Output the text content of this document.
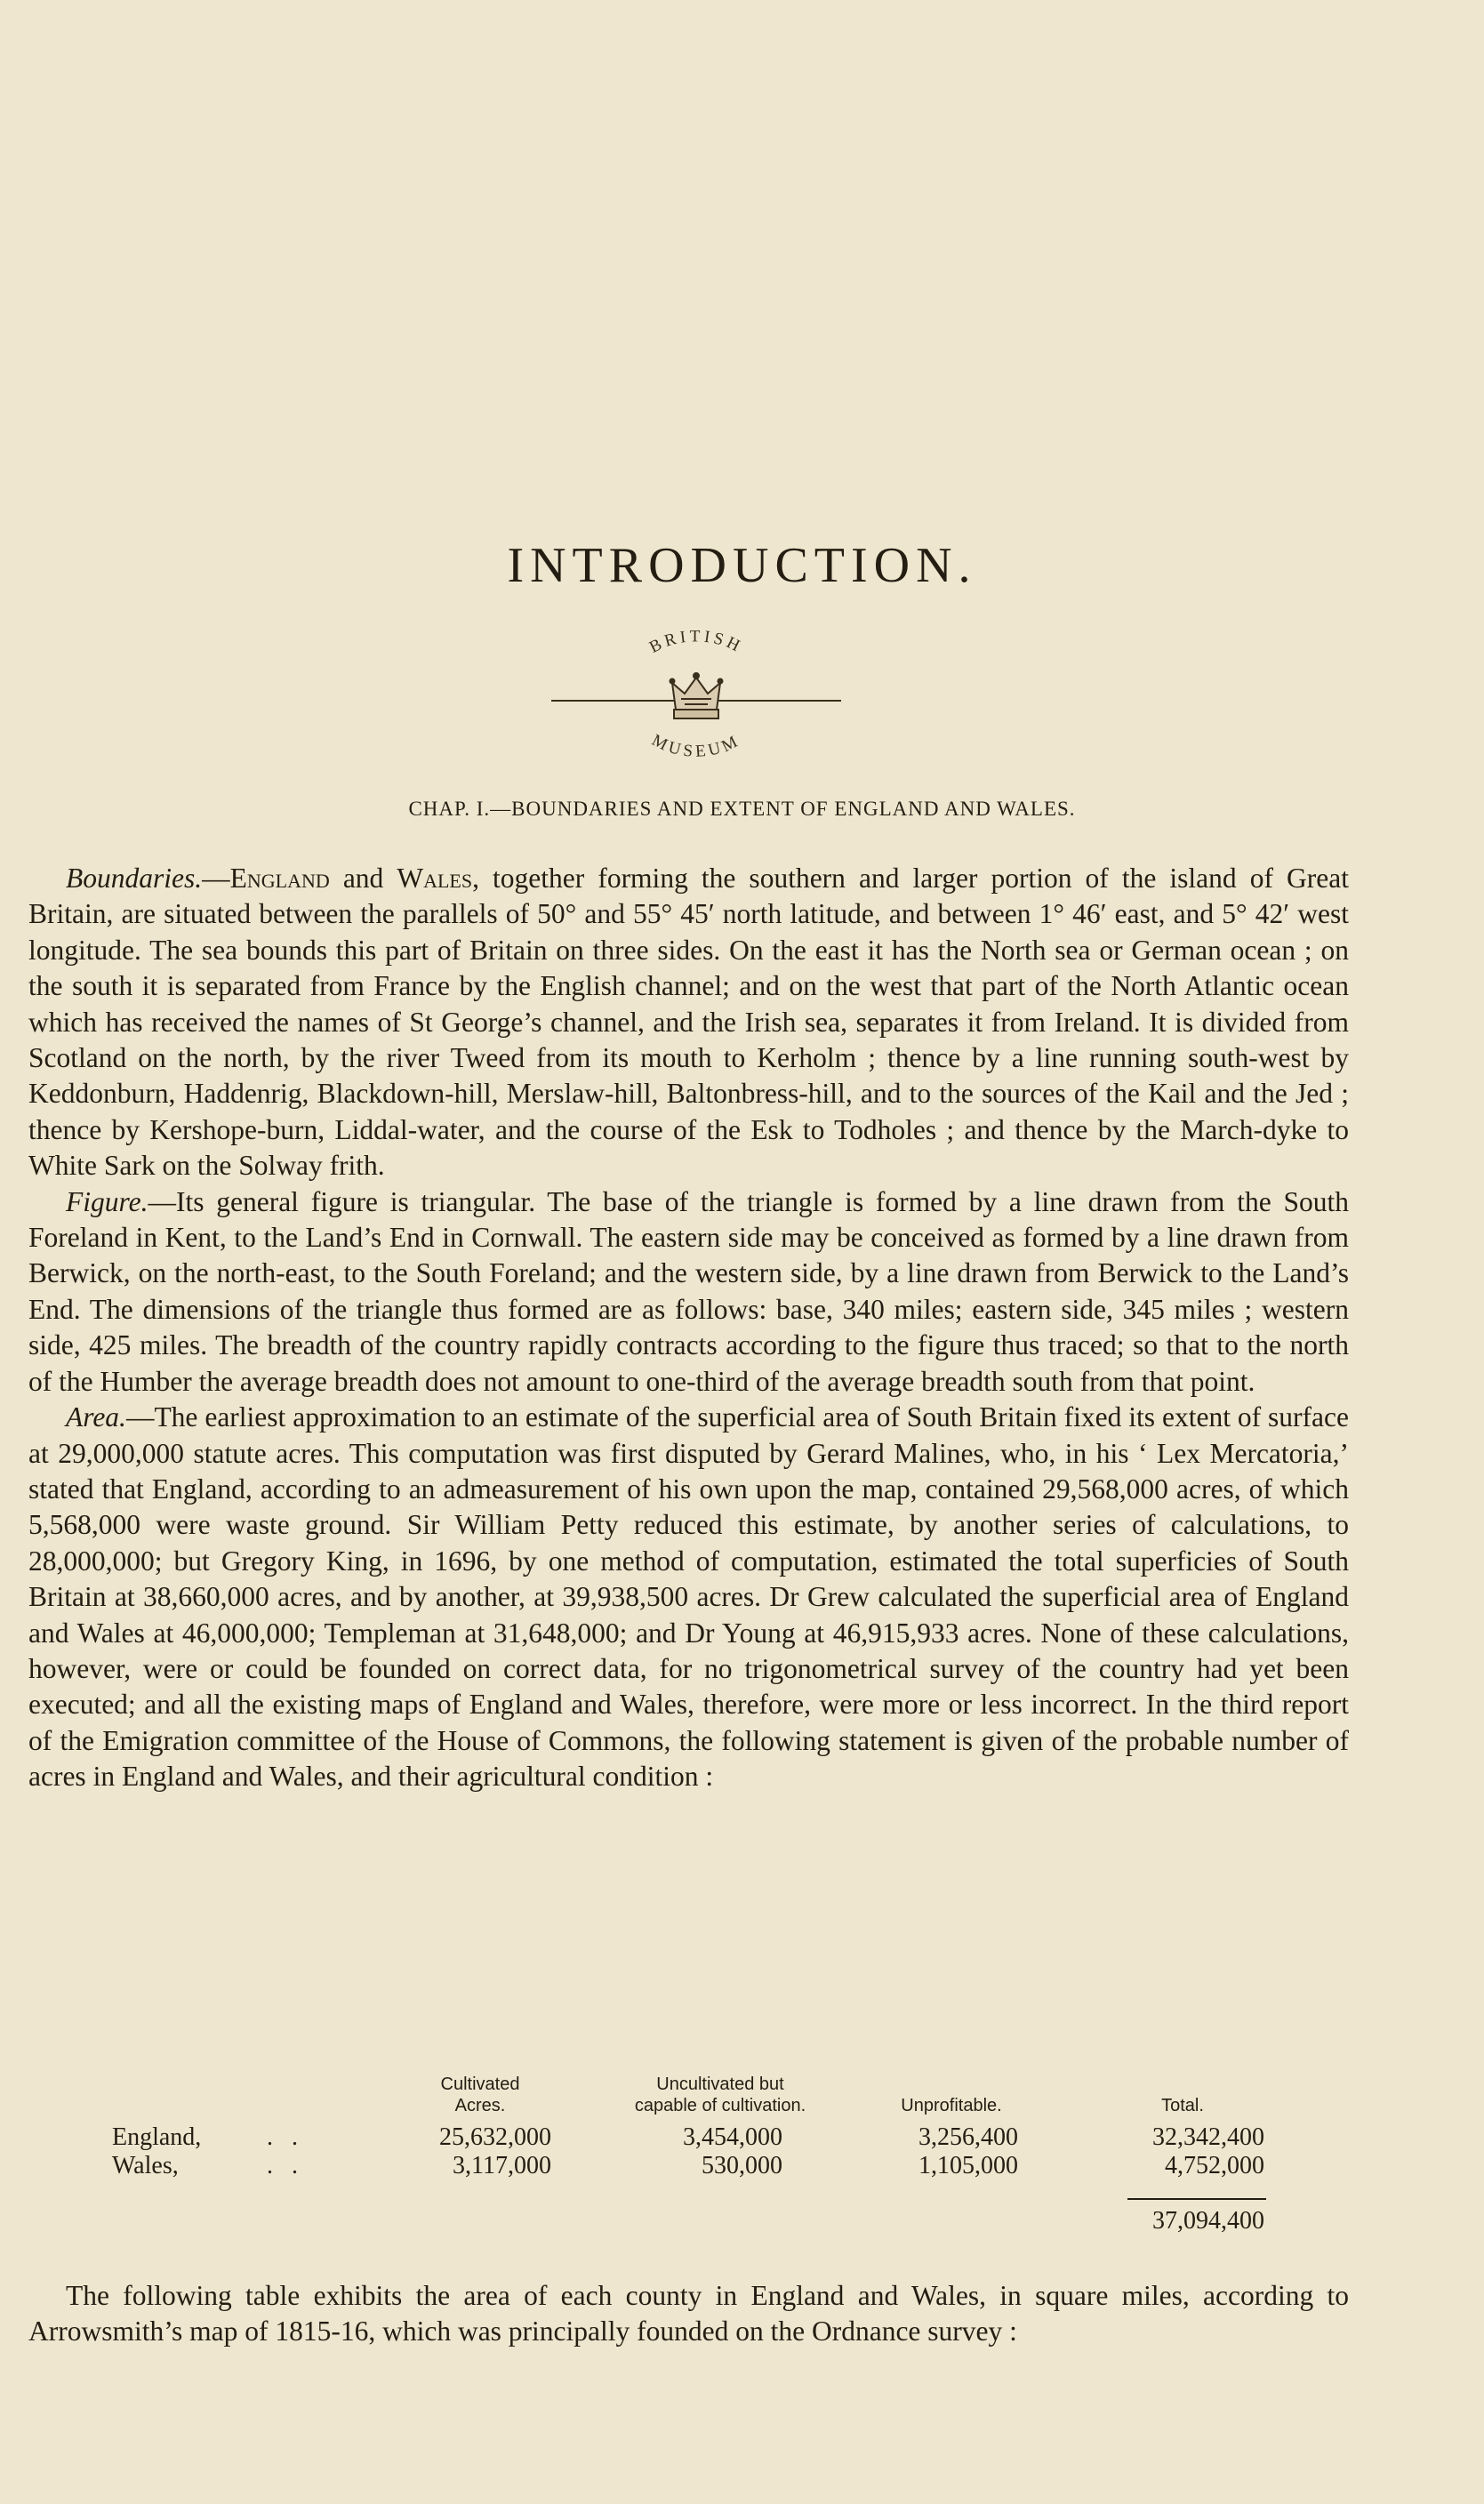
INTRODUCTION.
BRITISH
MUSEUM
CHAP. I.—BOUNDARIES AND EXTENT OF ENGLAND AND WALES.

Boundaries.—England and Wales, together forming the southern and larger portion of the island of Great Britain, are situated between the parallels of 50° and 55° 45′ north latitude, and between 1° 46′ east, and 5° 42′ west longitude. The sea bounds this part of Britain on three sides. On the east it has the North sea or German ocean ; on the south it is separated from France by the English channel; and on the west that part of the North Atlantic ocean which has received the names of St George’s channel, and the Irish sea, separates it from Ireland. It is divided from Scotland on the north, by the river Tweed from its mouth to Kerholm ; thence by a line running south-west by Keddonburn, Haddenrig, Blackdown-hill, Merslaw-hill, Baltonbress-hill, and to the sources of the Kail and the Jed ; thence by Kershope-burn, Liddal-water, and the course of the Esk to Todholes ; and thence by the March-dyke to White Sark on the Solway frith.

Figure.—Its general figure is triangular. The base of the triangle is formed by a line drawn from the South Foreland in Kent, to the Land’s End in Cornwall. The eastern side may be conceived as formed by a line drawn from Berwick, on the north-east, to the South Foreland; and the western side, by a line drawn from Berwick to the Land’s End. The dimensions of the triangle thus formed are as follows: base, 340 miles; eastern side, 345 miles ; western side, 425 miles. The breadth of the country rapidly contracts according to the figure thus traced; so that to the north of the Humber the average breadth does not amount to one-third of the average breadth south from that point.

Area.—The earliest approximation to an estimate of the superficial area of South Britain fixed its extent of surface at 29,000,000 statute acres. This computation was first disputed by Gerard Malines, who, in his ‘ Lex Mercatoria,’ stated that England, according to an admeasurement of his own upon the map, contained 29,568,000 acres, of which 5,568,000 were waste ground. Sir William Petty reduced this estimate, by another series of calculations, to 28,000,000; but Gregory King, in 1696, by one method of computation, estimated the total superficies of South Britain at 38,660,000 acres, and by another, at 39,938,500 acres. Dr Grew calculated the superficial area of England and Wales at 46,000,000; Templeman at 31,648,000; and Dr Young at 46,915,933 acres. None of these calculations, however, were or could be founded on correct data, for no trigonometrical survey of the country had yet been executed; and all the existing maps of England and Wales, therefore, were more or less incorrect. In the third report of the Emigration committee of the House of Commons, the following statement is given of the probable number of acres in England and Wales, and their agricultural condition :

Cultivated
Acres.
Uncultivated but
capable of cultivation.	Unprofitable.	Total.
England,	.   .	25,632,000	3,454,000	3,256,400	32,342,400
Wales,	.   .	3,117,000	530,000	1,105,000	4,752,000
37,094,400

The following table exhibits the area of each county in England and Wales, in square miles, according to Arrowsmith’s map of 1815-16, which was principally founded on the Ordnance survey :
